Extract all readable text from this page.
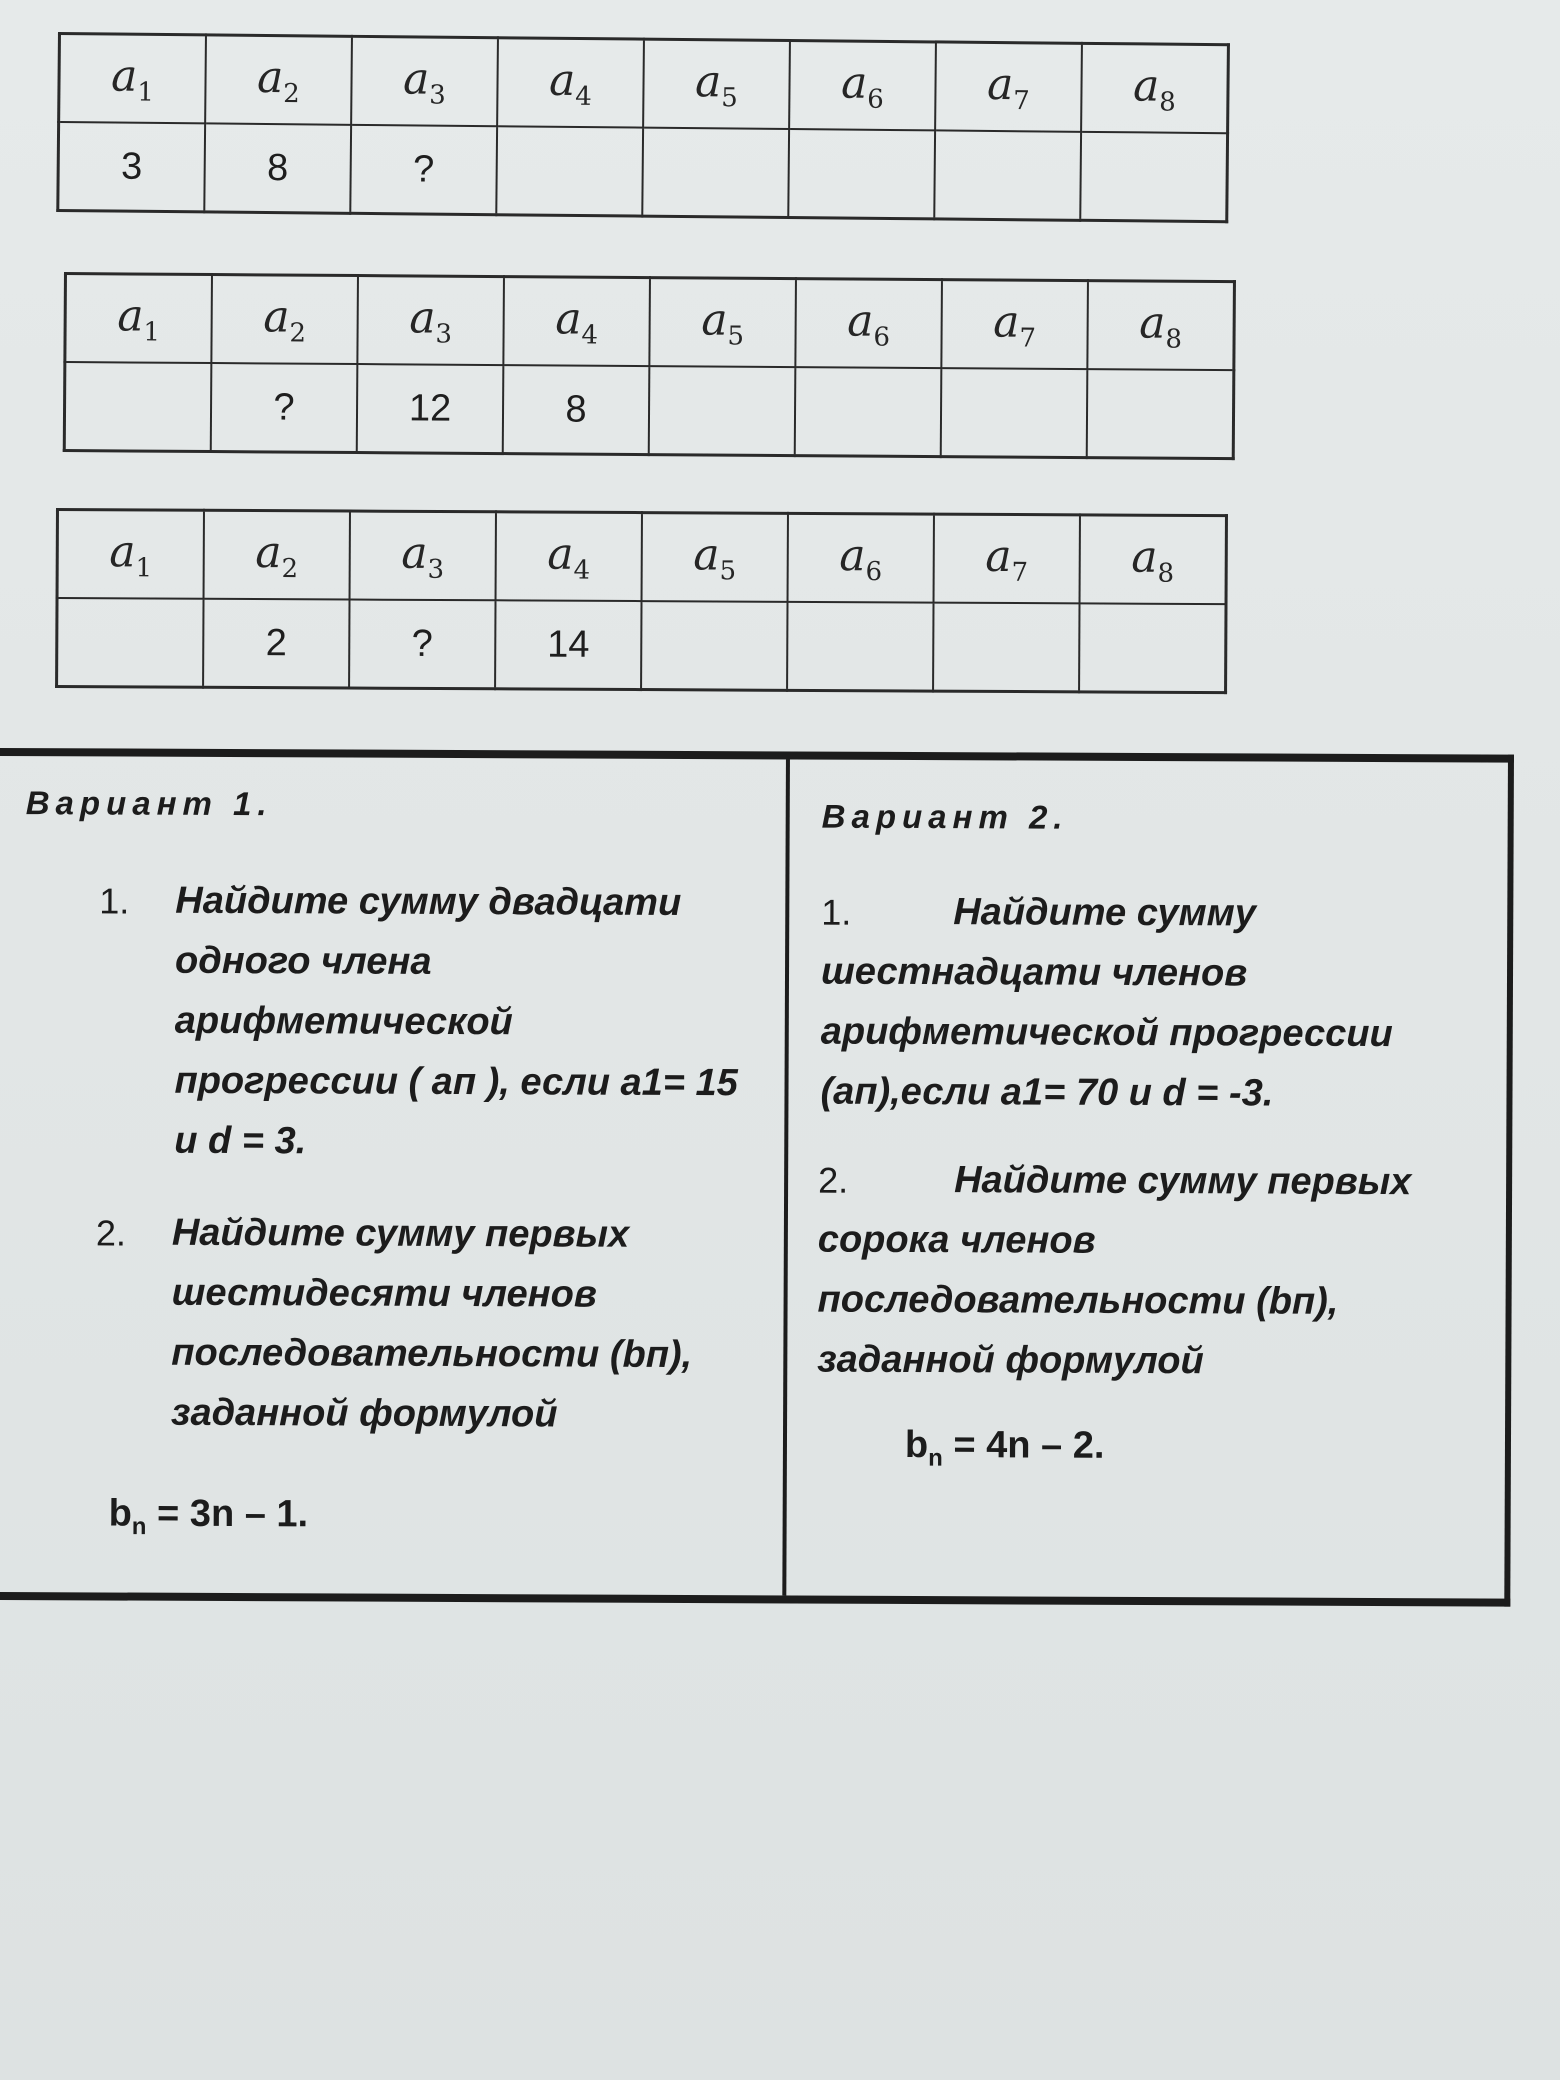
$a_1$	$a_2$	$a_3$	$a_4$	$a_5$	$a_6$	$a_7$	$a_8$
3	8	?					
$a_1$	$a_2$	$a_3$	$a_4$	$a_5$	$a_6$	$a_7$	$a_8$
	?	12	8				
$a_1$	$a_2$	$a_3$	$a_4$	$a_5$	$a_6$	$a_7$	$a_8$
	2	?	14				
Вариант 1.
1. Найдите сумму двадцати
одного члена
арифметической
прогрессии ( aп ), если a1= 15
и d = 3.
2. Найдите сумму первых
шестидесяти членов
последовательности (bп),
заданной формулой
$b_n = 3n - 1$.
Вариант 2.
1.	Найдите сумму
шестнадцати членов
арифметической прогрессии
(aп),если a1= 70 и d = -3.
2.	Найдите сумму первых
сорока членов
последовательности (bп),
заданной формулой
$b_n = 4n - 2$.
